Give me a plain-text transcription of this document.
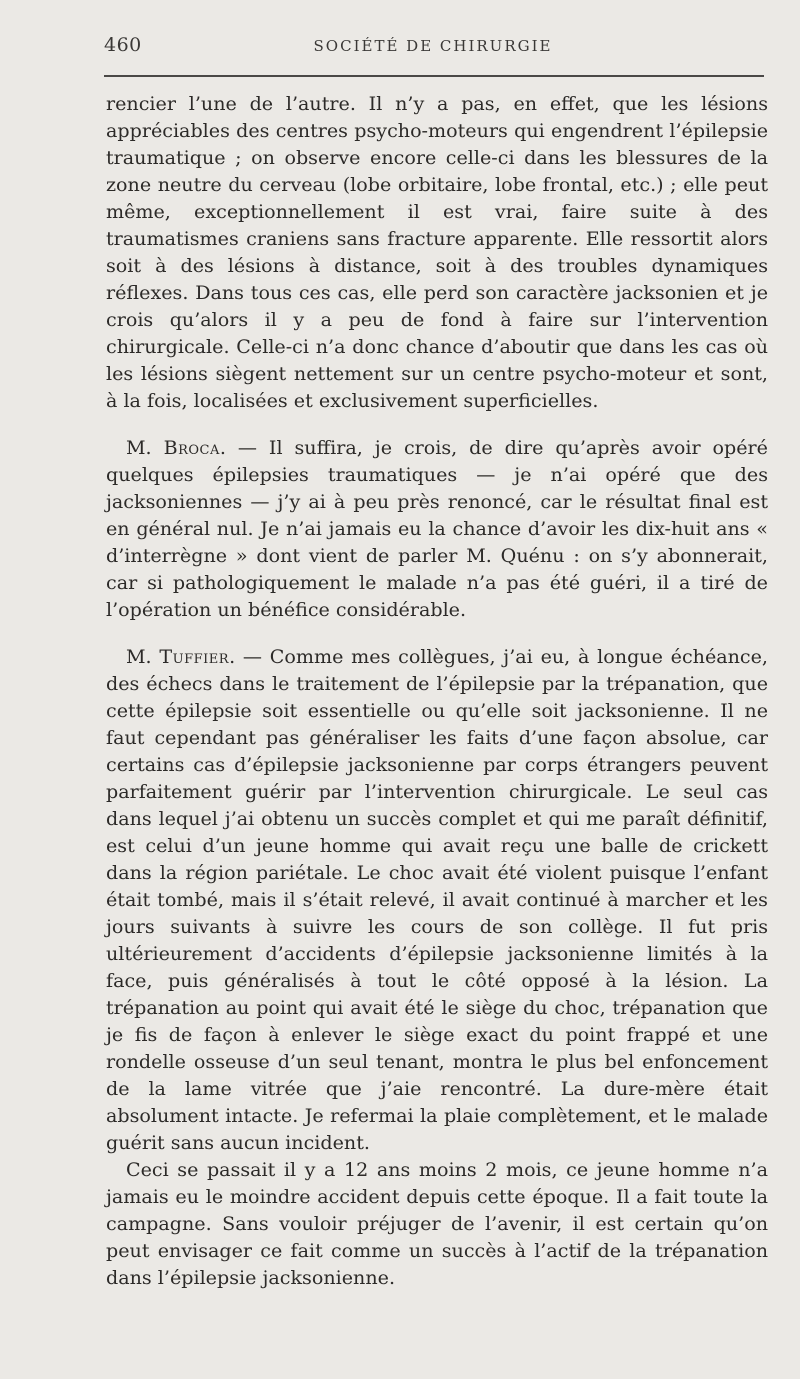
460	SOCIÉTÉ DE CHIRURGIE

rencier l’une de l’autre. Il n’y a pas, en effet, que les lésions appréciables des centres psycho-moteurs qui engendrent l’épilepsie traumatique ; on observe encore celle-ci dans les blessures de la zone neutre du cerveau (lobe orbitaire, lobe frontal, etc.) ; elle peut même, exceptionnellement il est vrai, faire suite à des traumatismes craniens sans fracture apparente. Elle ressortit alors soit à des lésions à distance, soit à des troubles dynamiques réflexes. Dans tous ces cas, elle perd son caractère jacksonien et je crois qu’alors il y a peu de fond à faire sur l’intervention chirurgicale. Celle-ci n’a donc chance d’aboutir que dans les cas où les lésions siègent nettement sur un centre psycho-moteur et sont, à la fois, localisées et exclusivement superficielles.

M. Broca. — Il suffira, je crois, de dire qu’après avoir opéré quelques épilepsies traumatiques — je n’ai opéré que des jacksoniennes — j’y ai à peu près renoncé, car le résultat final est en général nul. Je n’ai jamais eu la chance d’avoir les dix-huit ans « d’interrègne » dont vient de parler M. Quénu : on s’y abonnerait, car si pathologiquement le malade n’a pas été guéri, il a tiré de l’opération un bénéfice considérable.

M. Tuffier. — Comme mes collègues, j’ai eu, à longue échéance, des échecs dans le traitement de l’épilepsie par la trépanation, que cette épilepsie soit essentielle ou qu’elle soit jacksonienne. Il ne faut cependant pas généraliser les faits d’une façon absolue, car certains cas d’épilepsie jacksonienne par corps étrangers peuvent parfaitement guérir par l’intervention chirurgicale. Le seul cas dans lequel j’ai obtenu un succès complet et qui me paraît définitif, est celui d’un jeune homme qui avait reçu une balle de crickett dans la région pariétale. Le choc avait été violent puisque l’enfant était tombé, mais il s’était relevé, il avait continué à marcher et les jours suivants à suivre les cours de son collège. Il fut pris ultérieurement d’accidents d’épilepsie jacksonienne limités à la face, puis généralisés à tout le côté opposé à la lésion. La trépanation au point qui avait été le siège du choc, trépanation que je fis de façon à enlever le siège exact du point frappé et une rondelle osseuse d’un seul tenant, montra le plus bel enfoncement de la lame vitrée que j’aie rencontré. La dure-mère était absolument intacte. Je refermai la plaie complètement, et le malade guérit sans aucun incident.

Ceci se passait il y a 12 ans moins 2 mois, ce jeune homme n’a jamais eu le moindre accident depuis cette époque. Il a fait toute la campagne. Sans vouloir préjuger de l’avenir, il est certain qu’on peut envisager ce fait comme un succès à l’actif de la trépanation dans l’épilepsie jacksonienne.
